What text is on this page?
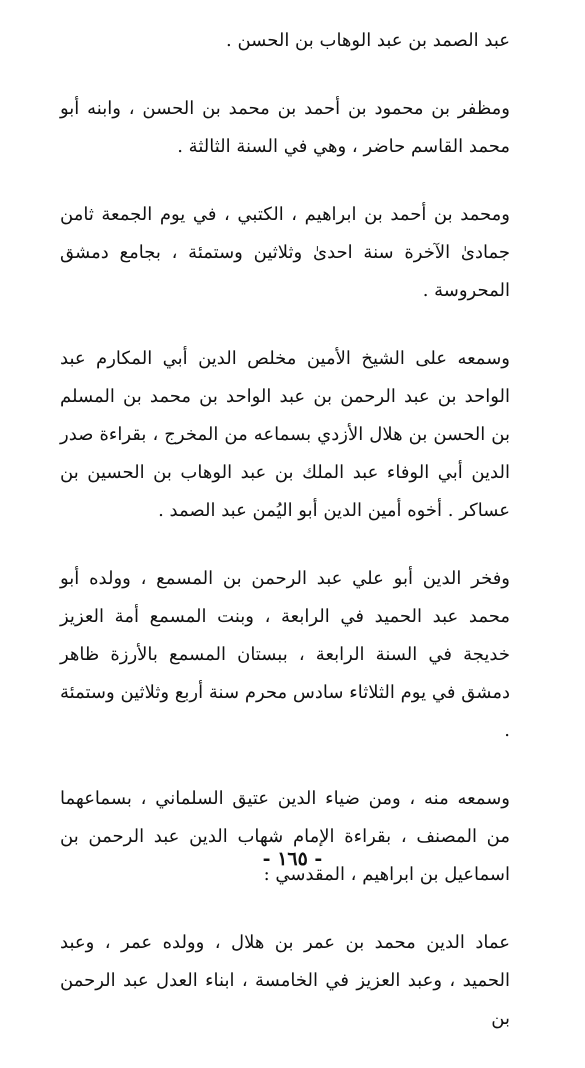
عبد الصمد بن عبد الوهاب بن الحسن .

ومظفر بن محمود بن أحمد بن محمد بن الحسن ، وابنه أبو محمد القاسم حاضر ، وهي في السنة الثالثة .

ومحمد بن أحمد بن ابراهيم ، الكتبي ، في يوم الجمعة ثامن جمادىٰ الآخرة سنة احدىٰ وثلاثين وستمئة ، بجامع دمشق المحروسة .

وسمعه على الشيخ الأمين مخلص الدين أبي المكارم عبد الواحد بن عبد الرحمن بن عبد الواحد بن محمد بن المسلم بن الحسن بن هلال الأزدي بسماعه من المخرج ، بقراءة صدر الدين أبي الوفاء عبد الملك بن عبد الوهاب بن الحسين بن عساكر . أخوه أمين الدين أبو اليُمن عبد الصمد .

وفخر الدين أبو علي عبد الرحمن بن المسمع ، وولده أبو محمد عبد الحميد في الرابعة ، وبنت المسمع أمة العزيز خديجة في السنة الرابعة ، ببستان المسمع بالأرزة ظاهر دمشق في يوم الثلاثاء سادس محرم سنة أربع وثلاثين وستمئة .

وسمعه منه ، ومن ضياء الدين عتيق السلماني ، بسماعهما من المصنف ، بقراءة الإمام شهاب الدين عبد الرحمن بن اسماعيل بن ابراهيم ، المقدسي :

عماد الدين محمد بن عمر بن هلال ، وولده عمر ، وعبد الحميد ، وعبد العزيز في الخامسة ، ابناء العدل عبد الرحمن بن

- ١٦٥ -
